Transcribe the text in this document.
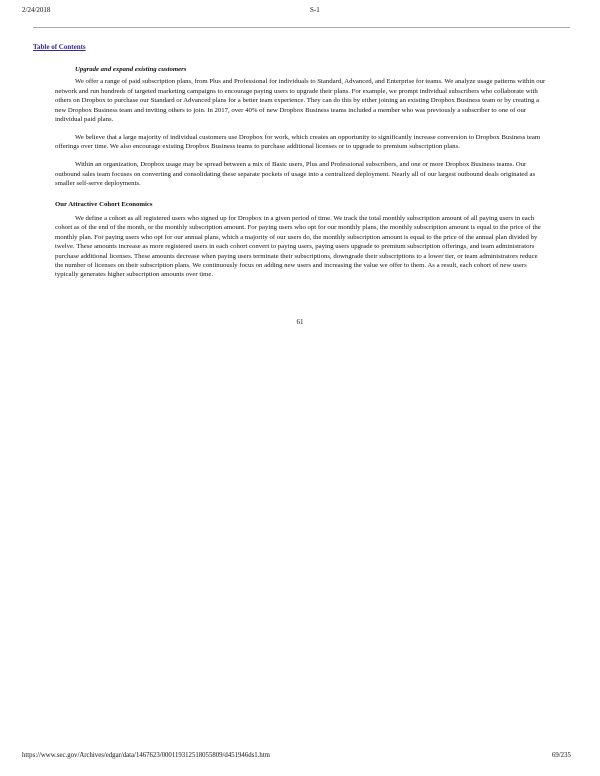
2/24/2018	S-1
Table of Contents
Upgrade and expand existing customers

We offer a range of paid subscription plans, from Plus and Professional for individuals to Standard, Advanced, and Enterprise for teams. We analyze usage patterns within our network and run hundreds of targeted marketing campaigns to encourage paying users to upgrade their plans. For example, we prompt individual subscribers who collaborate with others on Dropbox to purchase our Standard or Advanced plans for a better team experience. They can do this by either joining an existing Dropbox Business team or by creating a new Dropbox Business team and inviting others to join. In 2017, over 40% of new Dropbox Business teams included a member who was previously a subscriber to one of our individual paid plans.

We believe that a large majority of individual customers use Dropbox for work, which creates an opportunity to significantly increase conversion to Dropbox Business team offerings over time. We also encourage existing Dropbox Business teams to purchase additional licenses or to upgrade to premium subscription plans.

Within an organization, Dropbox usage may be spread between a mix of Basic users, Plus and Professional subscribers, and one or more Dropbox Business teams. Our outbound sales team focuses on converting and consolidating these separate pockets of usage into a centralized deployment. Nearly all of our largest outbound deals originated as smaller self-serve deployments.

Our Attractive Cohort Economics

We define a cohort as all registered users who signed up for Dropbox in a given period of time. We track the total monthly subscription amount of all paying users in each cohort as of the end of the month, or the monthly subscription amount. For paying users who opt for our monthly plans, the monthly subscription amount is equal to the price of the monthly plan. For paying users who opt for our annual plans, which a majority of our users do, the monthly subscription amount is equal to the price of the annual plan divided by twelve. These amounts increase as more registered users in each cohort convert to paying users, paying users upgrade to premium subscription offerings, and team administrators purchase additional licenses. These amounts decrease when paying users terminate their subscriptions, downgrade their subscriptions to a lower tier, or team administrators reduce the number of licenses on their subscription plans. We continuously focus on adding new users and increasing the value we offer to them. As a result, each cohort of new users typically generates higher subscription amounts over time.

61
https://www.sec.gov/Archives/edgar/data/1467623/000119312518055809/d451946ds1.htm	69/235
